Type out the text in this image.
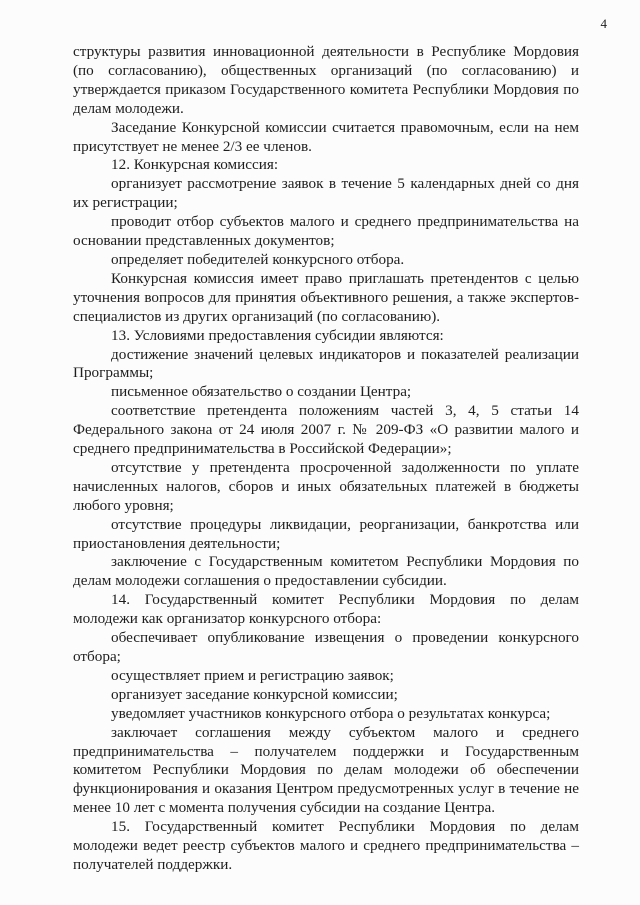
4

структуры развития инновационной деятельности в Республике Мордовия (по согласованию), общественных организаций (по согласованию) и утверждается приказом Государственного комитета Республики Мордовия по делам молодежи.

Заседание Конкурсной комиссии считается правомочным, если на нем присутствует не менее 2/3 ее членов.

12. Конкурсная комиссия:

организует рассмотрение заявок в течение 5 календарных дней со дня их регистрации;

проводит отбор субъектов малого и среднего предпринимательства на основании представленных документов;

определяет победителей конкурсного отбора.

Конкурсная комиссия имеет право приглашать претендентов с целью уточнения вопросов для принятия объективного решения, а также экспертов-специалистов из других организаций (по согласованию).

13. Условиями предоставления субсидии являются:

достижение значений целевых индикаторов и показателей реализации Программы;

письменное обязательство о создании Центра;

соответствие претендента положениям частей 3, 4, 5 статьи 14 Федерального закона от 24 июля 2007 г. № 209-ФЗ «О развитии малого и среднего предпринимательства в Российской Федерации»;

отсутствие у претендента просроченной задолженности по уплате начисленных налогов, сборов и иных обязательных платежей в бюджеты любого уровня;

отсутствие процедуры ликвидации, реорганизации, банкротства или приостановления деятельности;

заключение с Государственным комитетом Республики Мордовия по делам молодежи соглашения о предоставлении субсидии.

14. Государственный комитет Республики Мордовия по делам молодежи как организатор конкурсного отбора:

обеспечивает опубликование извещения о проведении конкурсного отбора;

осуществляет прием и регистрацию заявок;

организует заседание конкурсной комиссии;

уведомляет участников конкурсного отбора о результатах конкурса;

заключает соглашения между субъектом малого и среднего предпринимательства – получателем поддержки и Государственным комитетом Республики Мордовия по делам молодежи об обеспечении функционирования и оказания Центром предусмотренных услуг в течение не менее 10 лет с момента получения субсидии на создание Центра.

15. Государственный комитет Республики Мордовия по делам молодежи ведет реестр субъектов малого и среднего предпринимательства – получателей поддержки.
